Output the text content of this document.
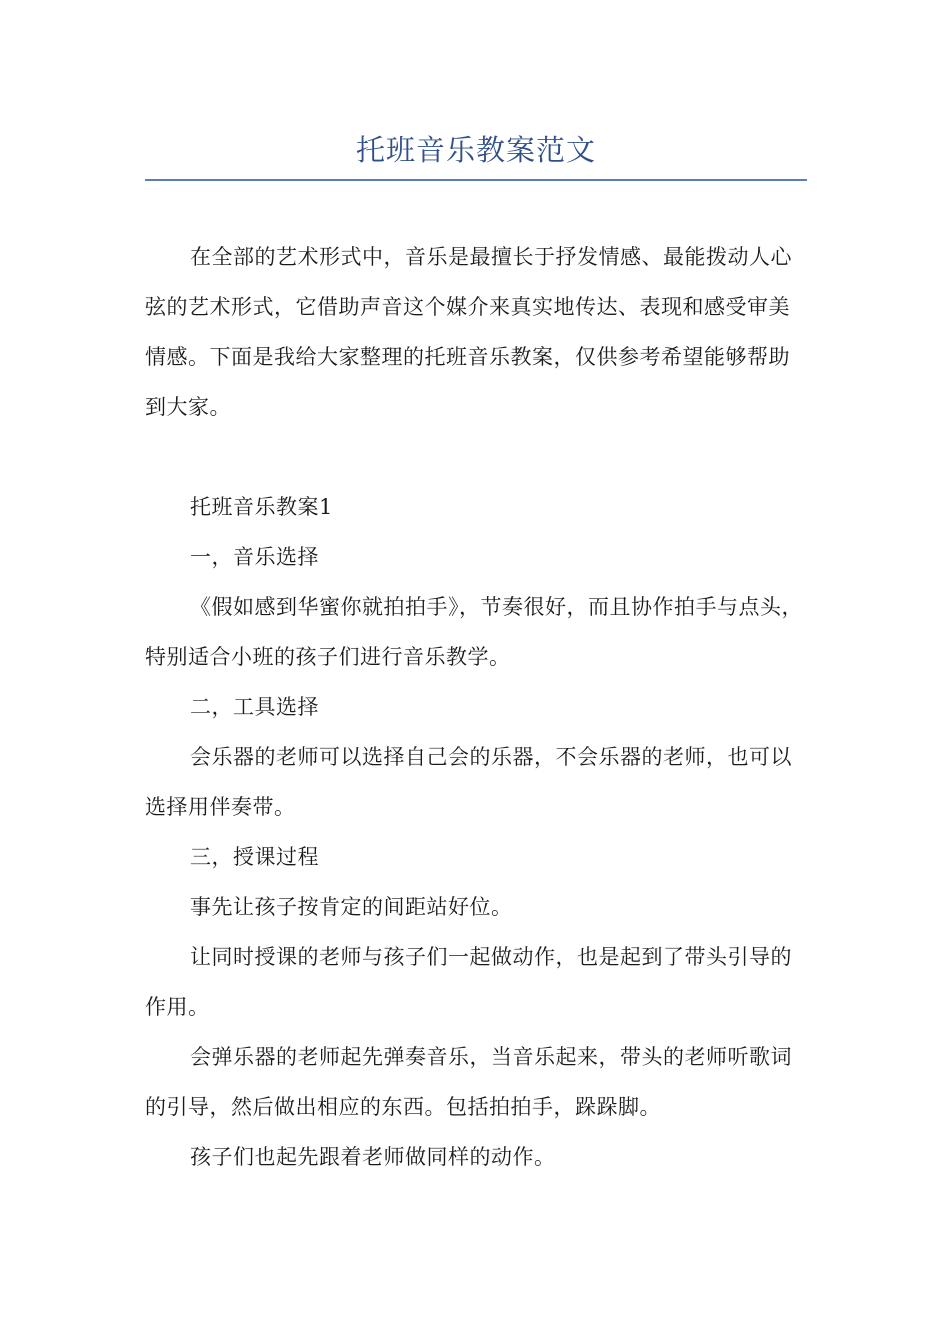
托班音乐教案范文

在全部的艺术形式中，音乐是最擅长于抒发情感、最能拨动人心弦的艺术形式，它借助声音这个媒介来真实地传达、表现和感受审美情感。下面是我给大家整理的托班音乐教案，仅供参考希望能够帮助到大家。

托班音乐教案1

一，音乐选择

《假如感到华蜜你就拍拍手》，节奏很好，而且协作拍手与点头，特别适合小班的孩子们进行音乐教学。

二，工具选择

会乐器的老师可以选择自己会的乐器，不会乐器的老师，也可以选择用伴奏带。

三，授课过程

事先让孩子按肯定的间距站好位。

让同时授课的老师与孩子们一起做动作，也是起到了带头引导的作用。

会弹乐器的老师起先弹奏音乐，当音乐起来，带头的老师听歌词的引导，然后做出相应的东西。包括拍拍手，跺跺脚。

孩子们也起先跟着老师做同样的动作。
